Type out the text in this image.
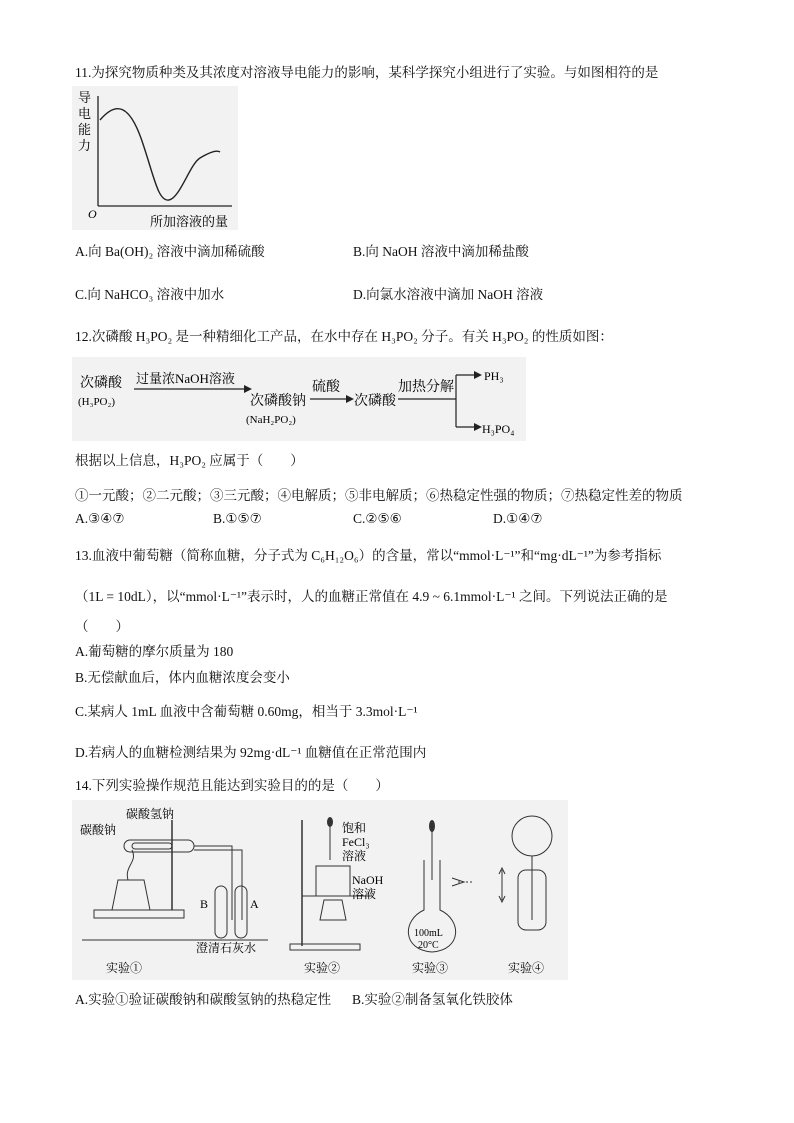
11.为探究物质种类及其浓度对溶液导电能力的影响，某科学探究小组进行了实验。与如图相符的是
导
电
能
力
O	所加溶液的量
A.向 Ba(OH)₂ 溶液中滴加稀硫酸	B.向 NaOH 溶液中滴加稀盐酸
C.向 NaHCO₃ 溶液中加水	D.向氯水溶液中滴加 NaOH 溶液
12.次磷酸 H₃PO₂ 是一种精细化工产品，在水中存在 H₃PO₂ 分子。有关 H₃PO₂ 的性质如图：
次磷酸
(H₃PO₂)
过量浓NaOH溶液
次磷酸钠
(NaH₂PO₂)
硫酸
次磷酸
加热分解
PH₃
H₃PO₄
根据以上信息，H₃PO₂ 应属于（　　）
①一元酸；②二元酸；③三元酸；④电解质；⑤非电解质；⑥热稳定性强的物质；⑦热稳定性差的物质
A.③④⑦	B.①⑤⑦	C.②⑤⑥	D.①④⑦
13.血液中葡萄糖（简称血糖，分子式为 C₆H₁₂O₆）的含量，常以“mmol·L⁻¹”和“mg·dL⁻¹”为参考指标
（1L = 10dL），以“mmol·L⁻¹”表示时，人的血糖正常值在 4.9 ~ 6.1mmol·L⁻¹ 之间。下列说法正确的是
（　　）
A.葡萄糖的摩尔质量为 180
B.无偿献血后，体内血糖浓度会变小
C.某病人 1mL 血液中含葡萄糖 0.60mg，相当于 3.3mol·L⁻¹
D.若病人的血糖检测结果为 92mg·dL⁻¹ 血糖值在正常范围内
14.下列实验操作规范且能达到实验目的的是（　　）
碳酸氢钠
碳酸钠
B	A
澄清石灰水
实验①
饱和
FeCl₃
溶液
NaOH
溶液
实验②
100mL
20°C
实验③	实验④
A.实验①验证碳酸钠和碳酸氢钠的热稳定性 B.实验②制备氢氧化铁胶体
